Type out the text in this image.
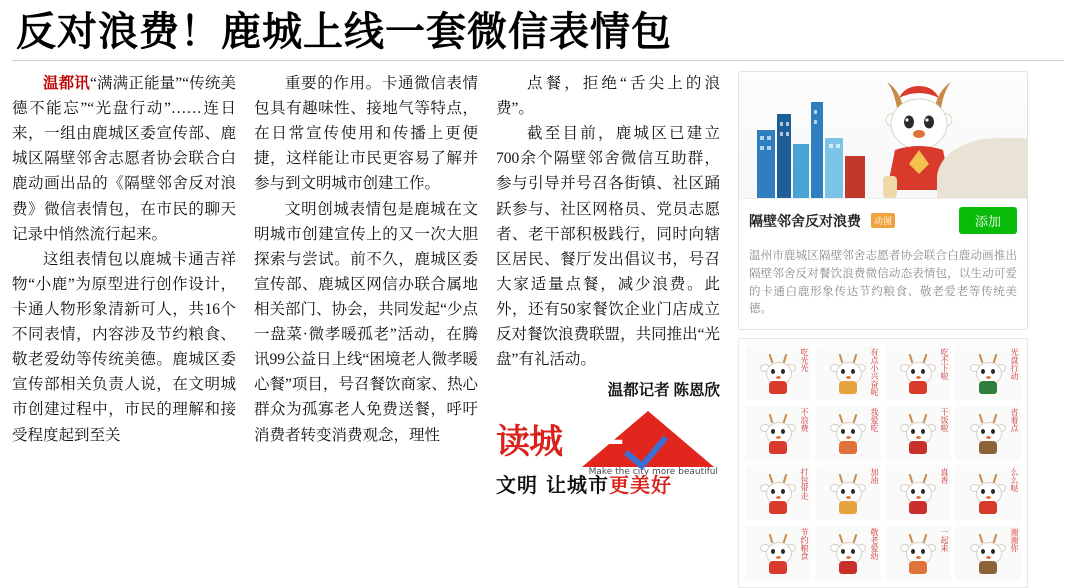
反对浪费！鹿城上线一套微信表情包

温都讯“满满正能量”“传统美德不能忘”“光盘行动”……连日来，一组由鹿城区委宣传部、鹿城区隔壁邻舍志愿者协会联合白鹿动画出品的《隔壁邻舍反对浪费》微信表情包，在市民的聊天记录中悄然流行起来。

这组表情包以鹿城卡通吉祥物“小鹿”为原型进行创作设计，卡通人物形象清新可人，共16个不同表情，内容涉及节约粮食、敬老爱幼等传统美德。鹿城区委宣传部相关负责人说，在文明城市创建过程中，市民的理解和接受程度起到至关

重要的作用。卡通微信表情包具有趣味性、接地气等特点，在日常宣传使用和传播上更便捷，这样能让市民更容易了解并参与到文明城市创建工作。

文明创城表情包是鹿城在文明城市创建宣传上的又一次大胆探索与尝试。前不久，鹿城区委宣传部、鹿城区网信办联合属地相关部门、协会，共同发起“少点一盘菜·微孝暖孤老”活动，在腾讯99公益日上线“困境老人微孝暖心餐”项目，号召餐饮商家、热心群众为孤寡老人免费送餐，呼吁消费者转变消费观念，理性

点餐，拒绝“舌尖上的浪费”。

截至目前，鹿城区已建立700余个隔壁邻舍微信互助群，参与引导并号召各街镇、社区踊跃参与、社区网格员、党员志愿者、老干部积极践行，同时向辖区居民、餐厅发出倡议书，号召大家适量点餐，减少浪费。此外，还有50家餐饮企业门店成立反对餐饮浪费联盟，共同推出“光盘”有礼活动。

温都记者 陈恩欣
读城 2
Make the city more beautiful
文明 让城市更美好
隔壁邻舍反对浪费	动图	添加
温州市鹿城区隔壁邻舍志愿者协会联合白鹿动画推出隔壁邻舍反对餐饮浪费微信动态表情包，以生动可爱的卡通白鹿形象传达节约粮食、敬老爱老等传统美德。
吃光光	有点小兴奋呢	吃不下啦	光盘行动
不浪费	我爱吃	干饭啦	省着点
打包带走	加油	真香	么么哒
节约粮食	敬老爱幼	一起来	谢谢你
